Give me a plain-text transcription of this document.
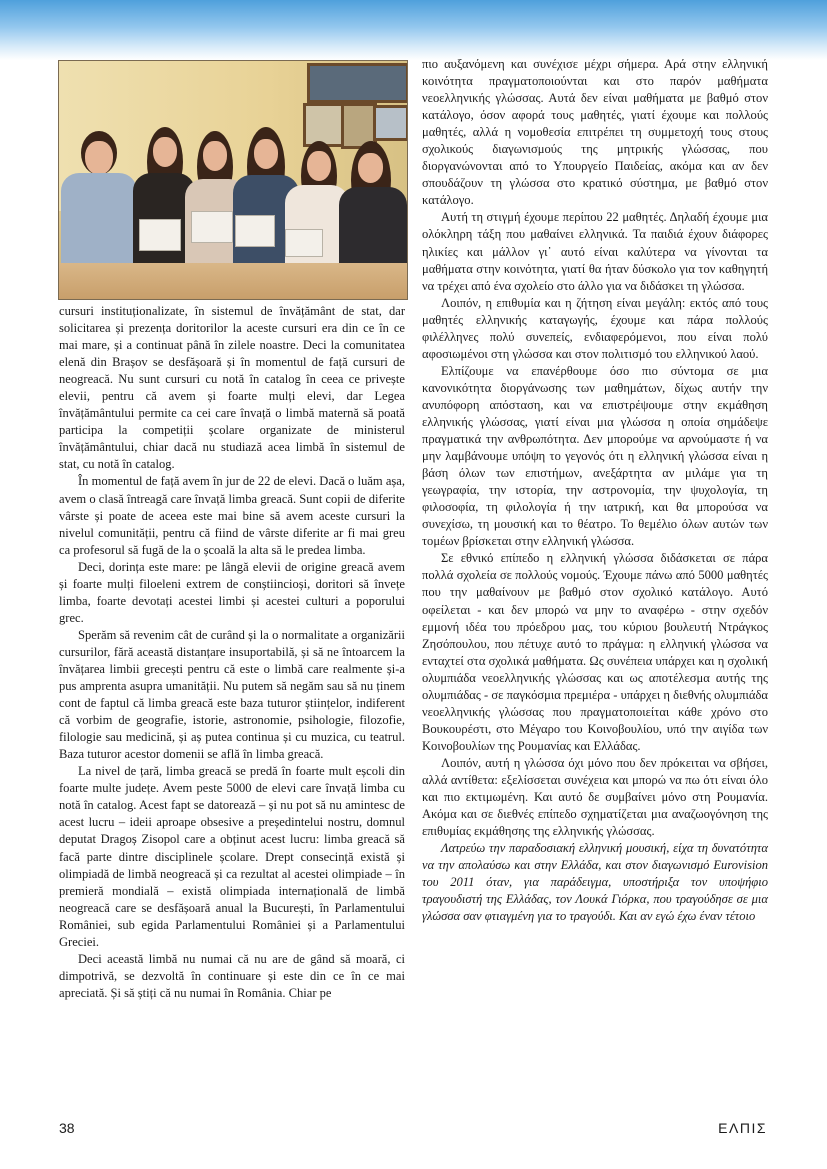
cursuri instituționalizate, în sistemul de învățământ de stat, dar solicitarea și prezența doritorilor la aceste cursuri era din ce în ce mai mare, și a continuat până în zilele noastre. Deci la comunitatea elenă din Brașov se desfășoară și în momentul de față cursuri de neogreacă. Nu sunt cursuri cu notă în catalog în ceea ce privește elevii, pentru că avem și foarte mulți elevi, dar Legea învățământului permite ca cei care învață o limbă maternă să poată participa la competiții școlare organizate de ministerul învățământului, chiar dacă nu studiază acea limbă în sistemul de stat, cu notă în catalog.

În momentul de față avem în jur de 22 de elevi. Dacă o luăm așa, avem o clasă întreagă care învață limba greacă. Sunt copii de diferite vârste și poate de aceea este mai bine să avem aceste cursuri la nivelul comunității, pentru că fiind de vârste diferite ar fi mai greu ca profesorul să fugă de la o școală la alta să le predea limba.

Deci, dorința este mare: pe lângă elevii de origine greacă avem și foarte mulți filoeleni extrem de conștiincioși, doritori să învețe limba, foarte devotați acestei limbi și acestei culturi a poporului grec.

Sperăm să revenim cât de curând și la o normalitate a organizării cursurilor, fără această distanțare insuportabilă, și să ne întoarcem la învățarea limbii grecești pentru că este o limbă care realmente și-a pus amprenta asupra umanității. Nu putem să negăm sau să nu ținem cont de faptul că limba greacă este baza tuturor științelor, indiferent că vorbim de geografie, istorie, astronomie, psihologie, filozofie, filologie sau medicină, și aș putea continua și cu muzica, cu teatrul. Baza tuturor acestor domenii se află în limba greacă.

La nivel de țară, limba greacă se predă în foarte mult eșcoli din foarte multe județe. Avem peste 5000 de elevi care învață limba cu notă în catalog. Acest fapt se datorează – și nu pot să nu amintesc de acest lucru – ideii aproape obsesive a președintelui nostru, domnul deputat Dragoș Zisopol care a obținut acest lucru: limba greacă să facă parte dintre disciplinele școlare. Drept consecință există și olimpiadă de limbă neogreacă și ca rezultat al acestei olimpiade – în premieră mondială – există olimpiada internațională de limbă neogreacă care se desfășoară anual la București, în Parlamentului României, sub egida Parlamentului României și a Parlamentului Greciei.

Deci această limbă nu numai că nu are de gând să moară, ci dimpotrivă, se dezvoltă în continuare și este din ce în ce mai apreciată. Și să știți că nu numai în România. Chiar pe

πιο αυξανόμενη και συνέχισε μέχρι σήμερα. Αρά στην ελληνική κοινότητα πραγματοποιούνται και στο παρόν μαθήματα νεοελληνικής γλώσσας. Αυτά δεν είναι μαθήματα με βαθμό στον κατάλογο, όσον αφορά τους μαθητές, γιατί έχουμε και πολλούς μαθητές, αλλά η νομοθεσία επιτρέπει τη συμμετοχή τους στους σχολικούς διαγωνισμούς της μητρικής γλώσσας, που διοργανώνονται από το Υπουργείο Παιδείας, ακόμα και αν δεν σπουδάζουν τη γλώσσα στο κρατικό σύστημα, με βαθμό στον κατάλογο.

Αυτή τη στιγμή έχουμε περίπου 22 μαθητές. Δηλαδή έχουμε μια ολόκληρη τάξη που μαθαίνει ελληνικά. Τα παιδιά έχουν διάφορες ηλικίες και μάλλον γι᾽ αυτό είναι καλύτερα να γίνονται τα μαθήματα στην κοινότητα, γιατί θα ήταν δύσκολο για τον καθηγητή να τρέχει από ένα σχολείο στο άλλο για να διδάσκει τη γλώσσα.

Λοιπόν, η επιθυμία και η ζήτηση είναι μεγάλη: εκτός από τους μαθητές ελληνικής καταγωγής, έχουμε και πάρα πολλούς φιλέλληνες πολύ συνεπείς, ενδιαφερόμενοι, που είναι πολύ αφοσιωμένοι στη γλώσσα και στον πολιτισμό του ελληνικού λαού.

Ελπίζουμε να επανέρθουμε όσο πιο σύντομα σε μια κανονικότητα διοργάνωσης των μαθημάτων, δίχως αυτήν την ανυπόφορη απόσταση, και να επιστρέψουμε στην εκμάθηση ελληνικής γλώσσας, γιατί είναι μια γλώσσα η οποία σημάδεψε πραγματικά την ανθρωπότητα. Δεν μπορούμε να αρνούμαστε ή να μην λαμβάνουμε υπόψη το γεγονός ότι η ελληνική γλώσσα είναι η βάση όλων των επιστήμων, ανεξάρτητα αν μιλάμε για τη γεωγραφία, την ιστορία, την αστρονομία, την ψυχολογία, τη φιλοσοφία, τη φιλολογία ή την ιατρική, και θα μπορούσα να συνεχίσω, τη μουσική και το θέατρο. Το θεμέλιο όλων αυτών των τομέων βρίσκεται στην ελληνική γλώσσα.

Σε εθνικό επίπεδο η ελληνική γλώσσα διδάσκεται σε πάρα πολλά σχολεία σε πολλούς νομούς. Έχουμε πάνω από 5000 μαθητές που την μαθαίνουν με βαθμό στον σχολικό κατάλογο. Αυτό οφείλεται - και δεν μπορώ να μην το αναφέρω - στην σχεδόν εμμονή ιδέα του πρόεδρου μας, του κύριου βουλευτή Ντράγκος Ζησόπουλου, που πέτυχε αυτό το πράγμα: η ελληνική γλώσσα να ενταχτεί στα σχολικά μαθήματα. Ως συνέπεια υπάρχει και η σχολική ολυμπιάδα νεοελληνικής γλώσσας και ως αποτέλεσμα αυτής της ολυμπιάδας - σε παγκόσμια πρεμιέρα - υπάρχει η διεθνής ολυμπιάδα νεοελληνικής γλώσσας που πραγματοποιείται κάθε χρόνο στο Βουκουρέστι, στο Μέγαρο του Κοινοβουλίου, υπό την αιγίδα των Κοινοβουλίων της Ρουμανίας και Ελλάδας.

Λοιπόν, αυτή η γλώσσα όχι μόνο που δεν πρόκειται να σβήσει, αλλά αντίθετα: εξελίσσεται συνέχεια και μπορώ να πω ότι είναι όλο και πιο εκτιμωμένη. Και αυτό δε συμβαίνει μόνο στη Ρουμανία. Ακόμα και σε διεθνές επίπεδο σχηματίζεται μια αναζωογόνηση της επιθυμίας εκμάθησης της ελληνικής γλώσσας.

Λατρεύω την παραδοσιακή ελληνική μουσική, είχα τη δυνατότητα να την απολαύσω και στην Ελλάδα, και στον διαγωνισμό Eurovision του 2011 όταν, για παράδειγμα, υποστήριξα τον υποψήφιο τραγουδιστή της Ελλάδας, τον Λουκά Γιόρκα, που τραγούδησε σε μια γλώσσα σαν φτιαγμένη για το τραγούδι. Και αν εγώ έχω έναν τέτοιο

38	ΕΛΠΙΣ
